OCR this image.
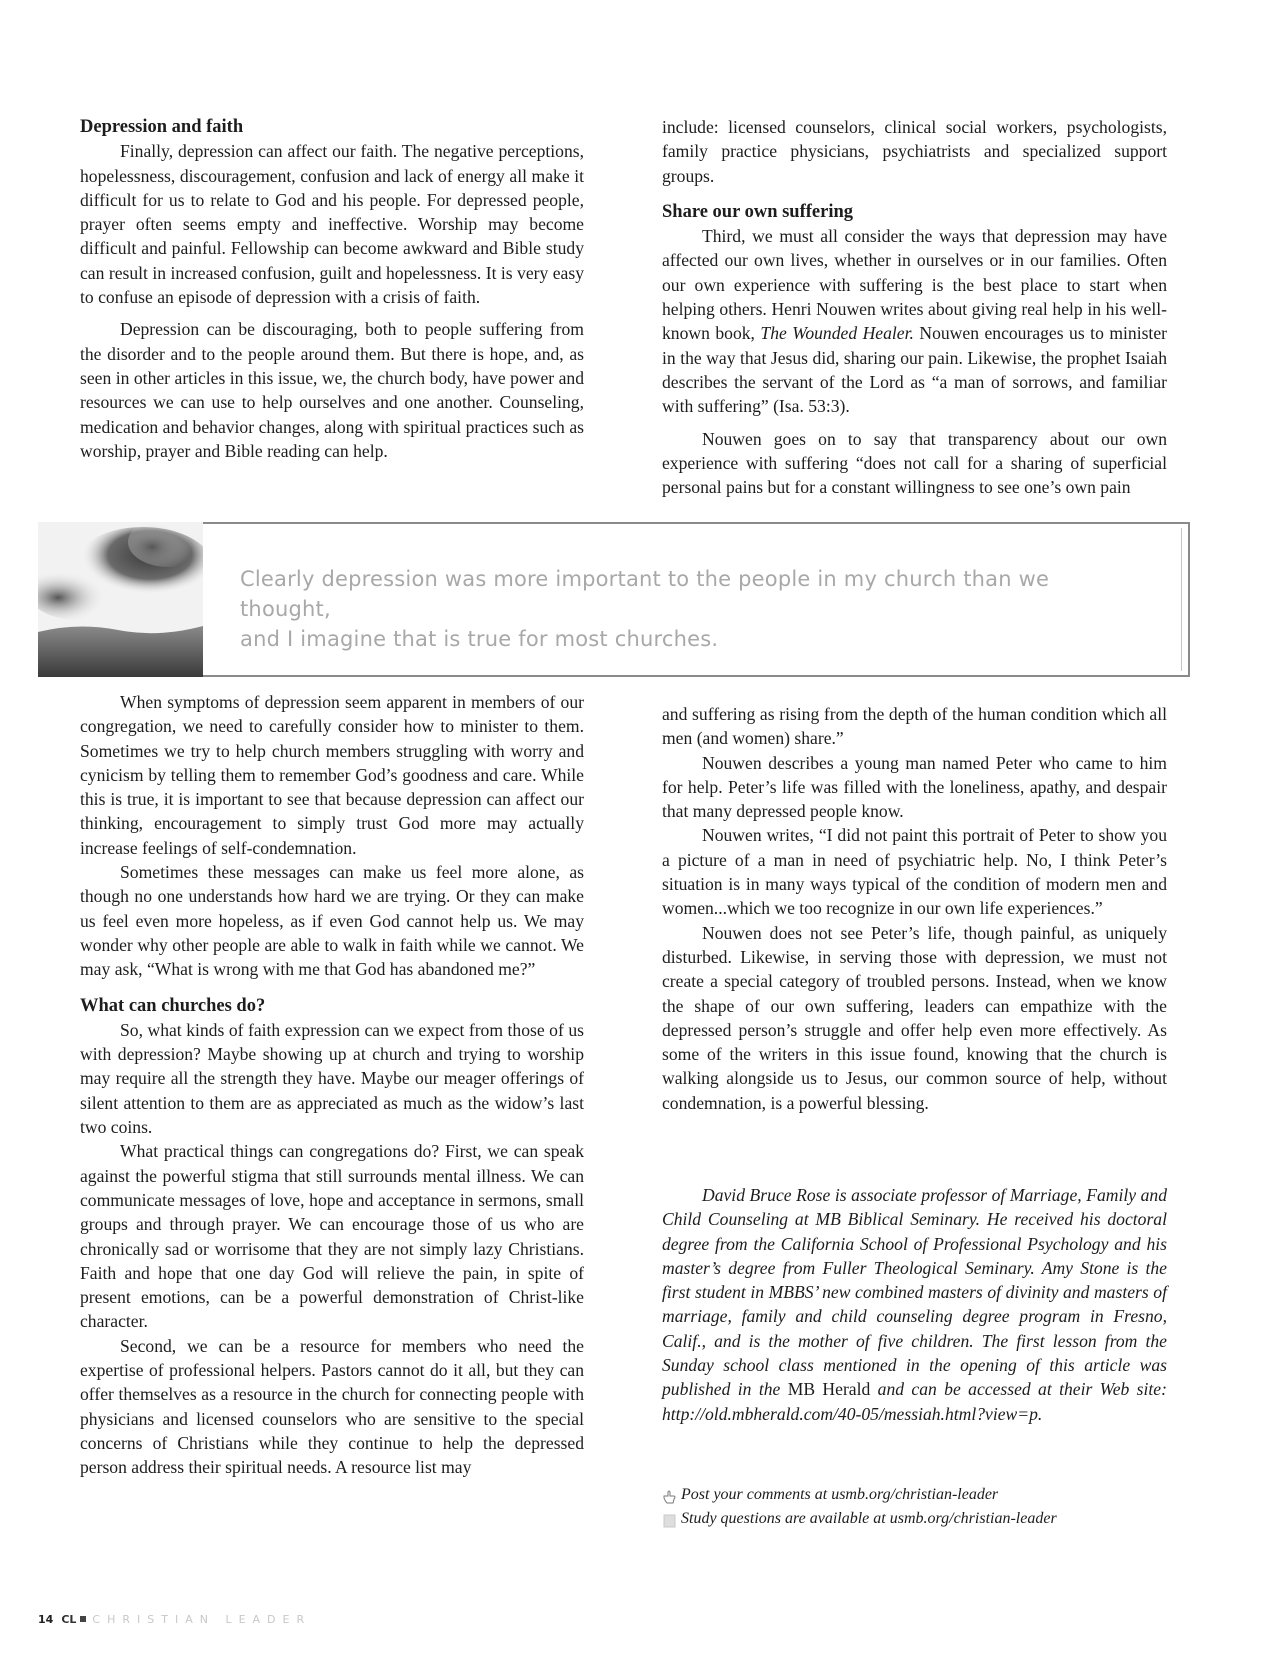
Depression and faith

Finally, depression can affect our faith. The negative perceptions, hopelessness, discouragement, confusion and lack of energy all make it difficult for us to relate to God and his people. For depressed people, prayer often seems empty and ineffective. Worship may become difficult and painful. Fellowship can become awkward and Bible study can result in increased confusion, guilt and hopelessness. It is very easy to confuse an episode of depression with a crisis of faith.

Depression can be discouraging, both to people suffering from the disorder and to the people around them. But there is hope, and, as seen in other articles in this issue, we, the church body, have power and resources we can use to help ourselves and one another. Counseling, medication and behavior changes, along with spiritual practices such as worship, prayer and Bible reading can help.

include: licensed counselors, clinical social workers, psychologists, family practice physicians, psychiatrists and specialized support groups.

Share our own suffering

Third, we must all consider the ways that depression may have affected our own lives, whether in ourselves or in our families. Often our own experience with suffering is the best place to start when helping others. Henri Nouwen writes about giving real help in his well-known book, The Wounded Healer. Nouwen encourages us to minister in the way that Jesus did, sharing our pain. Likewise, the prophet Isaiah describes the servant of the Lord as “a man of sorrows, and familiar with suffering” (Isa. 53:3).

Nouwen goes on to say that transparency about our own experience with suffering “does not call for a sharing of superficial personal pains but for a constant willingness to see one’s own pain

Clearly depression was more important to the people in my church than we thought,
and I imagine that is true for most churches.

When symptoms of depression seem apparent in members of our congregation, we need to carefully consider how to minister to them. Sometimes we try to help church members struggling with worry and cynicism by telling them to remember God’s goodness and care. While this is true, it is important to see that because depression can affect our thinking, encouragement to simply trust God more may actually increase feelings of self-condemnation.

Sometimes these messages can make us feel more alone, as though no one understands how hard we are trying. Or they can make us feel even more hopeless, as if even God cannot help us. We may wonder why other people are able to walk in faith while we cannot. We may ask, “What is wrong with me that God has abandoned me?”

What can churches do?

So, what kinds of faith expression can we expect from those of us with depression? Maybe showing up at church and trying to worship may require all the strength they have. Maybe our meager offerings of silent attention to them are as appreciated as much as the widow’s last two coins.

What practical things can congregations do? First, we can speak against the powerful stigma that still surrounds mental illness. We can communicate messages of love, hope and acceptance in sermons, small groups and through prayer. We can encourage those of us who are chronically sad or worrisome that they are not simply lazy Christians. Faith and hope that one day God will relieve the pain, in spite of present emotions, can be a powerful demonstration of Christ-like character.

Second, we can be a resource for members who need the expertise of professional helpers. Pastors cannot do it all, but they can offer themselves as a resource in the church for connecting people with physicians and licensed counselors who are sensitive to the special concerns of Christians while they continue to help the depressed person address their spiritual needs. A resource list may

and suffering as rising from the depth of the human condition which all men (and women) share.”

Nouwen describes a young man named Peter who came to him for help. Peter’s life was filled with the loneliness, apathy, and despair that many depressed people know.

Nouwen writes, “I did not paint this portrait of Peter to show you a picture of a man in need of psychiatric help. No, I think Peter’s situation is in many ways typical of the condition of modern men and women...which we too recognize in our own life experiences.”

Nouwen does not see Peter’s life, though painful, as uniquely disturbed. Likewise, in serving those with depression, we must not create a special category of troubled persons. Instead, when we know the shape of our own suffering, leaders can empathize with the depressed person’s struggle and offer help even more effectively. As some of the writers in this issue found, knowing that the church is walking alongside us to Jesus, our common source of help, without condemnation, is a powerful blessing.

David Bruce Rose is associate professor of Marriage, Family and Child Counseling at MB Biblical Seminary. He received his doctoral degree from the California School of Professional Psychology and his master’s degree from Fuller Theological Seminary. Amy Stone is the first student in MBBS’ new combined masters of divinity and masters of marriage, family and child counseling degree program in Fresno, Calif., and is the mother of five children. The first lesson from the Sunday school class mentioned in the opening of this article was published in the MB Herald and can be accessed at their Web site: http://old.mbherald.com/40-05/messiah.html?view=p.

Post your comments at usmb.org/christian-leader
Study questions are available at usmb.org/christian-leader
14 CL CHRISTIAN LEADER
